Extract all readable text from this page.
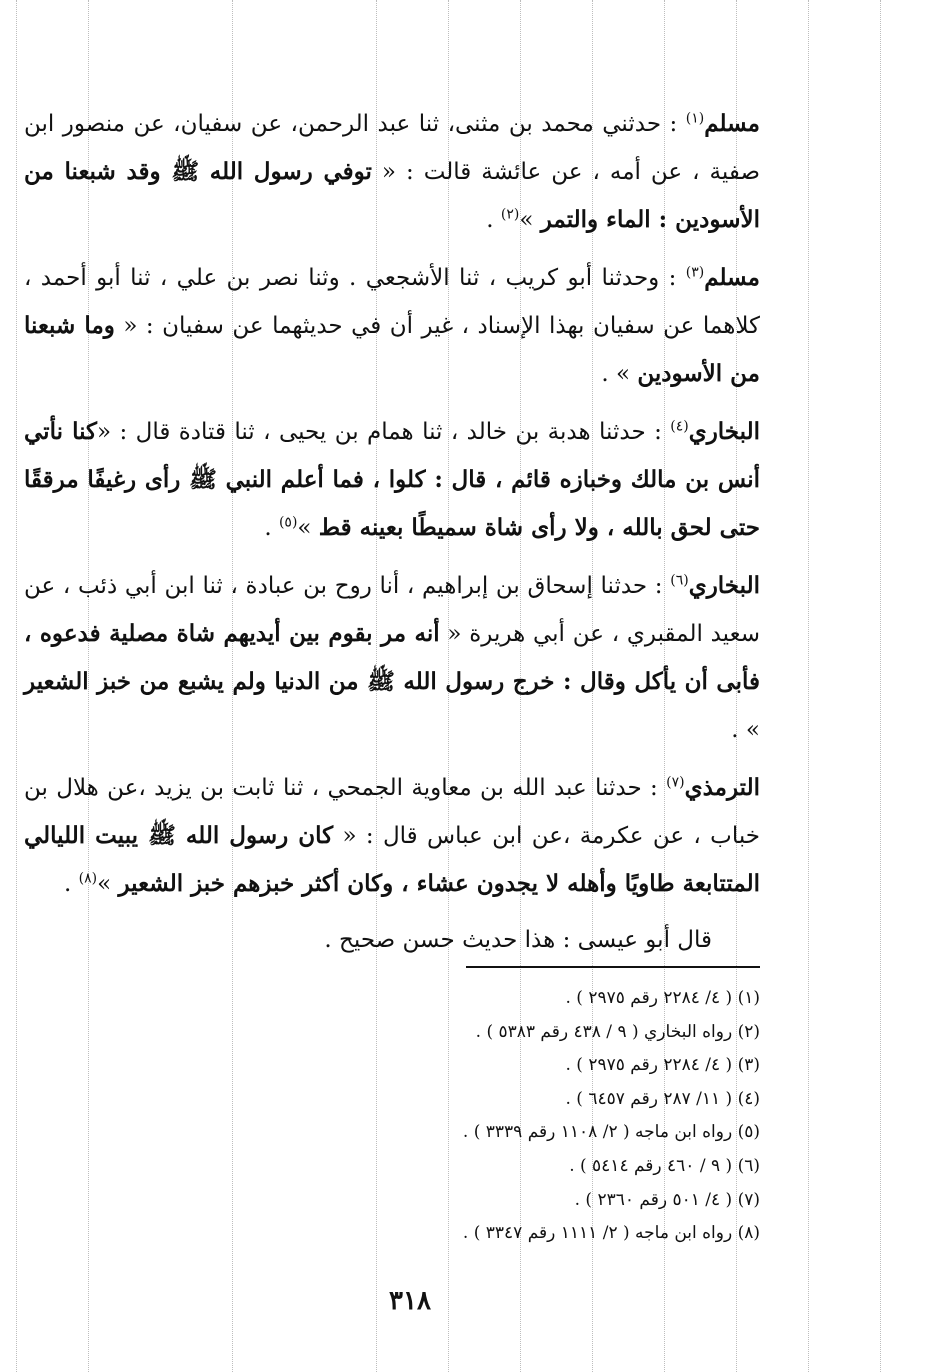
مسلم$^{(١)}$ : حدثني محمد بن مثنى، ثنا عبد الرحمن، عن سفيان، عن منصور ابن صفية ، عن أمه ، عن عائشة قالت : « توفي رسول الله ﷺ وقد شبعنا من الأسودين : الماء والتمر »$^{(٢)}$ .

مسلم$^{(٣)}$ : وحدثنا أبو كريب ، ثنا الأشجعي . وثنا نصر بن علي ، ثنا أبو أحمد ، كلاهما عن سفيان بهذا الإسناد ، غير أن في حديثهما عن سفيان : « وما شبعنا من الأسودين » .

البخاري$^{(٤)}$ : حدثنا هدبة بن خالد ، ثنا همام بن يحيى ، ثنا قتادة قال : «كنا نأتي أنس بن مالك وخبازه قائم ، قال : كلوا ، فما أعلم النبي ﷺ رأى رغيفًا مرققًا حتى لحق بالله ، ولا رأى شاة سميطًا بعينه قط »$^{(٥)}$ .

البخاري$^{(٦)}$ : حدثنا إسحاق بن إبراهيم ، أنا روح بن عبادة ، ثنا ابن أبي ذئب ، عن سعيد المقبري ، عن أبي هريرة « أنه مر بقوم بين أيديهم شاة مصلية فدعوه ، فأبى أن يأكل وقال : خرج رسول الله ﷺ من الدنيا ولم يشبع من خبز الشعير » .

الترمذي$^{(٧)}$ : حدثنا عبد الله بن معاوية الجمحي ، ثنا ثابت بن يزيد ،عن هلال بن خباب ، عن عكرمة ،عن ابن عباس قال : « كان رسول الله ﷺ يبيت الليالي المتتابعة طاويًا وأهله لا يجدون عشاء ، وكان أكثر خبزهم خبز الشعير »$^{(٨)}$ .

قال أبو عيسى : هذا حديث حسن صحيح .

(١) ( ٤/ ٢٢٨٤ رقم ٢٩٧٥ ) .
(٢) رواه البخاري ( ٩ / ٤٣٨ رقم ٥٣٨٣ ) .
(٣) ( ٤/ ٢٢٨٤ رقم ٢٩٧٥ ) .
(٤) ( ١١/ ٢٨٧ رقم ٦٤٥٧ ) .
(٥) رواه ابن ماجه ( ٢/ ١١٠٨ رقم ٣٣٣٩ ) .
(٦) ( ٩ / ٤٦٠ رقم ٥٤١٤ ) .
(٧) ( ٤/ ٥٠١ رقم ٢٣٦٠ ) .
(٨) رواه ابن ماجه ( ٢/ ١١١١ رقم ٣٣٤٧ ) .
٣١٨
